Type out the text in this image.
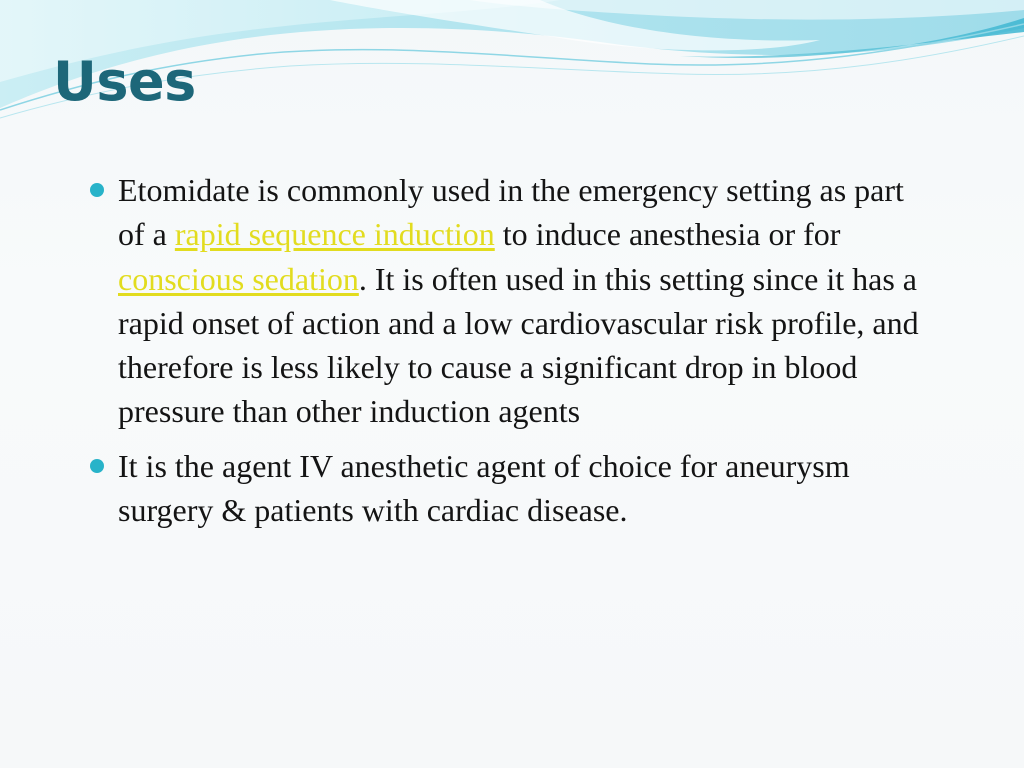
Uses
Etomidate is commonly used in the emergency setting as part of a rapid sequence induction to induce anesthesia or for conscious sedation. It is often used in this setting since it has a rapid onset of action and a low cardiovascular risk profile, and therefore is less likely to cause a significant drop in blood pressure than other induction agents
It is the agent IV anesthetic agent of choice for aneurysm surgery & patients with cardiac disease.
